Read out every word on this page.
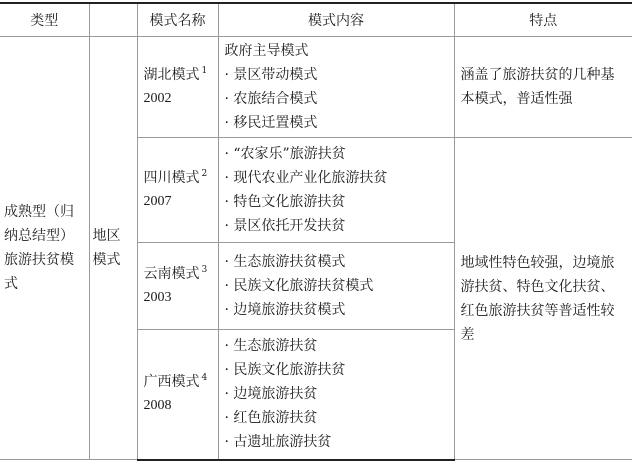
类型		模式名称	模式内容	特点

成熟型（归纳总结型）旅游扶贫模式	地区模式	湖北模式 $^1$
2002	政府主导模式
· 景区带动模式
· 农旅结合模式
· 移民迁置模式	涵盖了旅游扶贫的几种基本模式，普适性强

		四川模式 $^2$
2007	· “农家乐”旅游扶贫
· 现代农业产业化旅游扶贫
· 特色文化旅游扶贫
· 景区依托开发扶贫	地域性特色较强，边境旅游扶贫、特色文化扶贫、红色旅游扶贫等普适性较差

		云南模式 $^3$
2003	· 生态旅游扶贫模式
· 民族文化旅游扶贫模式
· 边境旅游扶贫模式	

		广西模式 $^4$
2008	· 生态旅游扶贫
· 民族文化旅游扶贫
· 边境旅游扶贫
· 红色旅游扶贫
· 古遗址旅游扶贫	
